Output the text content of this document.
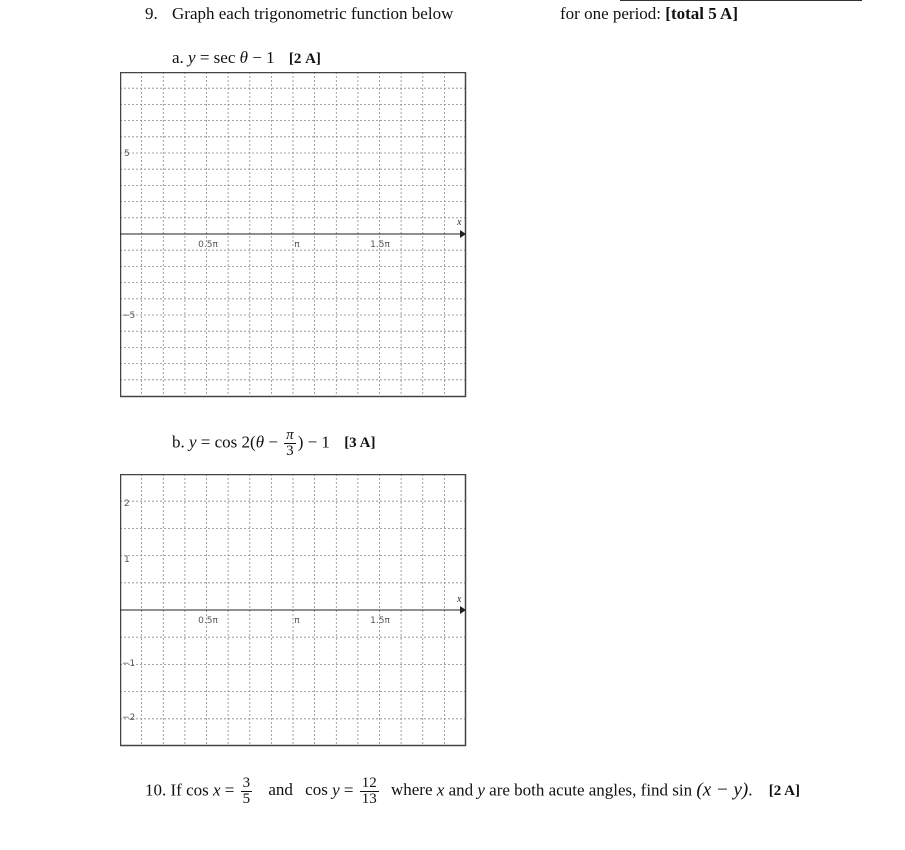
9. Graph each trigonometric function below	for one period: [total 5 A]
a. y = sec θ − 1 [2 A]
x
0.5π	π	1.5π
5
−5
b. $y = \cos 2(\theta - \frac{\pi}{3}$ ) − 1 [3 A]
x
0.5π	π	1.5π
2
1
−1
−2
10. If $\cos x = \frac{3}{5}$ and $\cos y = \frac{12}{13}$ where x and y are both acute angles, find sin (x − y). [2 A]
